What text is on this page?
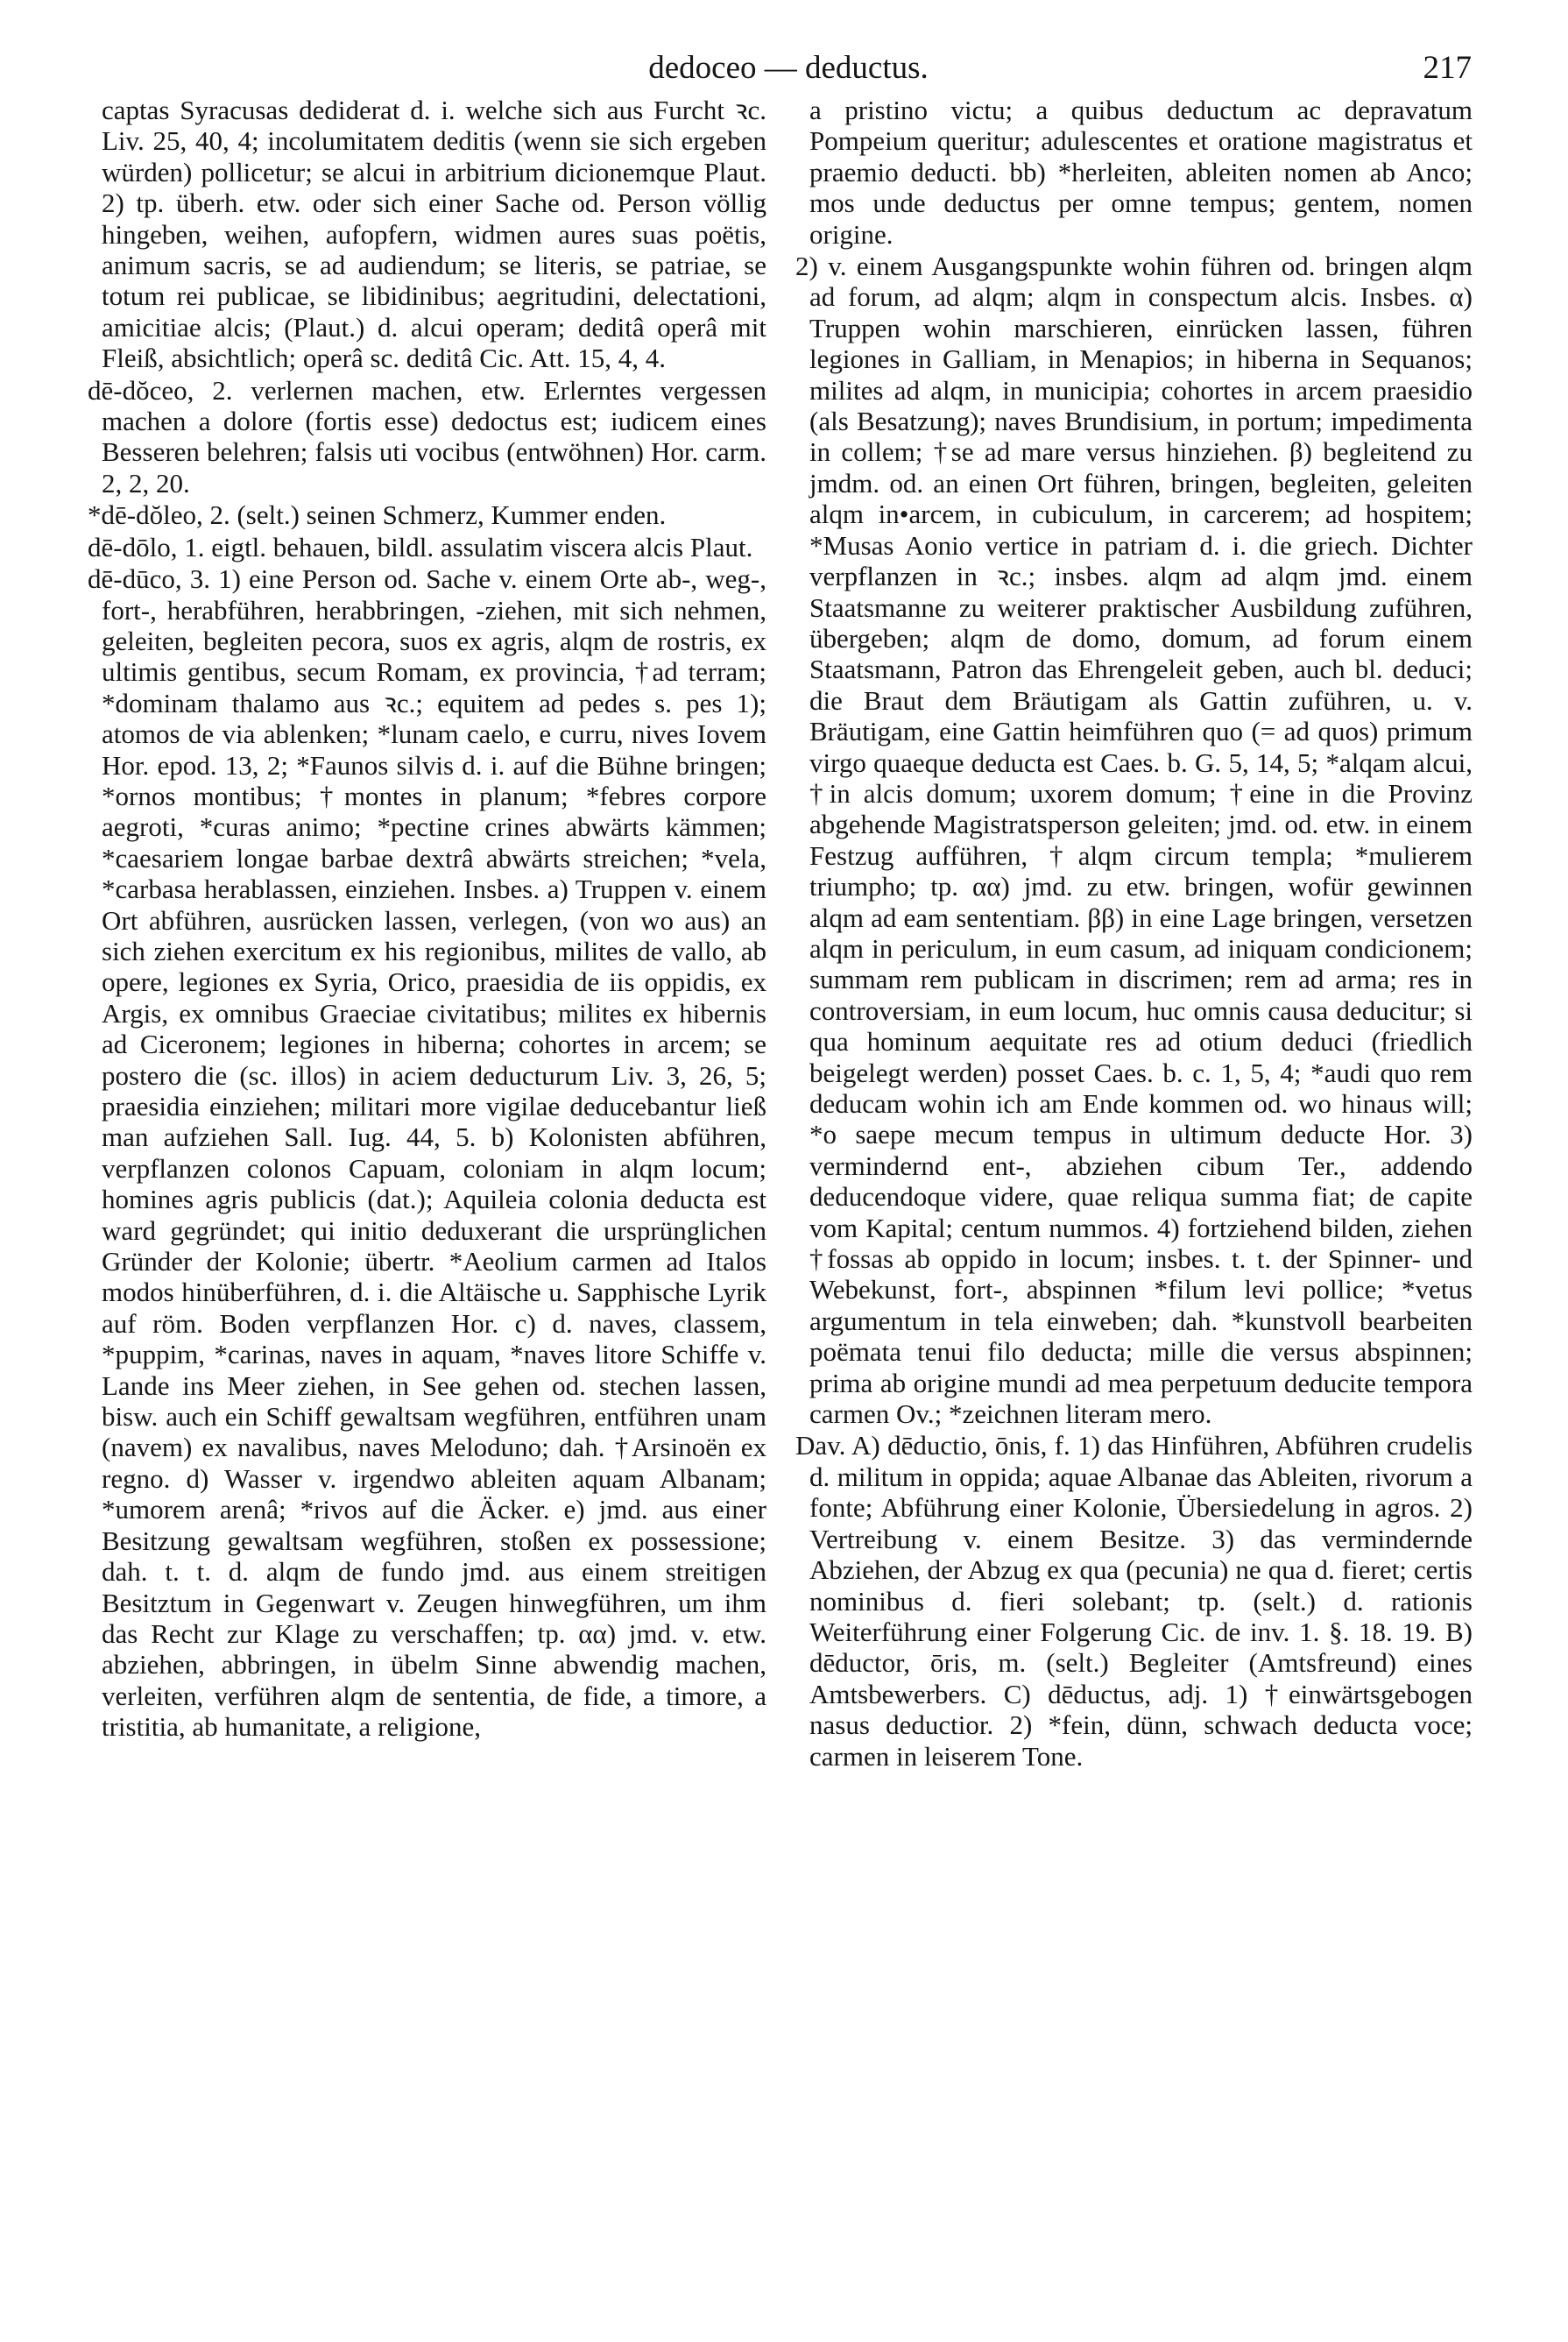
dedoceo — deductus.	217

captas Syracusas dediderat d. i. welche sich aus Furcht ꝛc. Liv. 25, 40, 4; incolumitatem deditis (wenn sie sich ergeben würden) pollicetur; se alcui in arbitrium dicionemque Plaut. 2) tp. überh. etw. oder sich einer Sache od. Person völlig hingeben, weihen, aufopfern, widmen aures suas poëtis, animum sacris, se ad audiendum; se literis, se patriae, se totum rei publicae, se libidinibus; aegritudini, delectationi, amicitiae alcis; (Plaut.) d. alcui operam; deditâ operâ mit Fleiß, absichtlich; operâ sc. deditâ Cic. Att. 15, 4, 4.

dē-dŏceo, 2. verlernen machen, etw. Erlerntes vergessen machen a dolore (fortis esse) dedoctus est; iudicem eines Besseren belehren; falsis uti vocibus (entwöhnen) Hor. carm. 2, 2, 20.

*dē-dŏleo, 2. (selt.) seinen Schmerz, Kummer enden.

dē-dōlo, 1. eigtl. behauen, bildl. assulatim viscera alcis Plaut.

dē-dūco, 3. 1) eine Person od. Sache v. einem Orte ab-, weg-, fort-, herabführen, herabbringen, -ziehen, mit sich nehmen, geleiten, begleiten pecora, suos ex agris, alqm de rostris, ex ultimis gentibus, secum Romam, ex provincia, †ad terram; *dominam thalamo aus ꝛc.; equitem ad pedes s. pes 1); atomos de via ablenken; *lunam caelo, e curru, nives Iovem Hor. epod. 13, 2; *Faunos silvis d. i. auf die Bühne bringen; *ornos montibus; †montes in planum; *febres corpore aegroti, *curas animo; *pectine crines abwärts kämmen; *caesariem longae barbae dextrâ abwärts streichen; *vela, *carbasa herablassen, einziehen. Insbes. a) Truppen v. einem Ort abführen, ausrücken lassen, verlegen, (von wo aus) an sich ziehen exercitum ex his regionibus, milites de vallo, ab opere, legiones ex Syria, Orico, praesidia de iis oppidis, ex Argis, ex omnibus Graeciae civitatibus; milites ex hibernis ad Ciceronem; legiones in hiberna; cohortes in arcem; se postero die (sc. illos) in aciem deducturum Liv. 3, 26, 5; praesidia einziehen; militari more vigilae deducebantur ließ man aufziehen Sall. Iug. 44, 5. b) Kolonisten abführen, verpflanzen colonos Capuam, coloniam in alqm locum; homines agris publicis (dat.); Aquileia colonia deducta est ward gegründet; qui initio deduxerant die ursprünglichen Gründer der Kolonie; übertr. *Aeolium carmen ad Italos modos hinüberführen, d. i. die Altäische u. Sapphische Lyrik auf röm. Boden verpflanzen Hor. c) d. naves, classem, *puppim, *carinas, naves in aquam, *naves litore Schiffe v. Lande ins Meer ziehen, in See gehen od. stechen lassen, bisw. auch ein Schiff gewaltsam wegführen, entführen unam (navem) ex navalibus, naves Meloduno; dah. †Arsinoën ex regno. d) Wasser v. irgendwo ableiten aquam Albanam; *umorem arenâ; *rivos auf die Äcker. e) jmd. aus einer Besitzung gewaltsam wegführen, stoßen ex possessione; dah. t. t. d. alqm de fundo jmd. aus einem streitigen Besitztum in Gegenwart v. Zeugen hinwegführen, um ihm das Recht zur Klage zu verschaffen; tp. αα) jmd. v. etw. abziehen, abbringen, in übelm Sinne abwendig machen, verleiten, verführen alqm de sententia, de fide, a timore, a tristitia, ab humanitate, a religione,

a pristino victu; a quibus deductum ac depravatum Pompeium queritur; adulescentes et oratione magistratus et praemio deducti. bb) *herleiten, ableiten nomen ab Anco; mos unde deductus per omne tempus; gentem, nomen origine.

2) v. einem Ausgangspunkte wohin führen od. bringen alqm ad forum, ad alqm; alqm in conspectum alcis. Insbes. α) Truppen wohin marschieren, einrücken lassen, führen legiones in Galliam, in Menapios; in hiberna in Sequanos; milites ad alqm, in municipia; cohortes in arcem praesidio (als Besatzung); naves Brundisium, in portum; impedimenta in collem; †se ad mare versus hinziehen. β) begleitend zu jmdm. od. an einen Ort führen, bringen, begleiten, geleiten alqm in•arcem, in cubiculum, in carcerem; ad hospitem; *Musas Aonio vertice in patriam d. i. die griech. Dichter verpflanzen in ꝛc.; insbes. alqm ad alqm jmd. einem Staatsmanne zu weiterer praktischer Ausbildung zuführen, übergeben; alqm de domo, domum, ad forum einem Staatsmann, Patron das Ehrengeleit geben, auch bl. deduci; die Braut dem Bräutigam als Gattin zuführen, u. v. Bräutigam, eine Gattin heimführen quo (= ad quos) primum virgo quaeque deducta est Caes. b. G. 5, 14, 5; *alqam alcui, †in alcis domum; uxorem domum; †eine in die Provinz abgehende Magistratsperson geleiten; jmd. od. etw. in einem Festzug aufführen, †alqm circum templa; *mulierem triumpho; tp. αα) jmd. zu etw. bringen, wofür gewinnen alqm ad eam sententiam. ββ) in eine Lage bringen, versetzen alqm in periculum, in eum casum, ad iniquam condicionem; summam rem publicam in discrimen; rem ad arma; res in controversiam, in eum locum, huc omnis causa deducitur; si qua hominum aequitate res ad otium deduci (friedlich beigelegt werden) posset Caes. b. c. 1, 5, 4; *audi quo rem deducam wohin ich am Ende kommen od. wo hinaus will; *o saepe mecum tempus in ultimum deducte Hor. 3) vermindernd ent-, abziehen cibum Ter., addendo deducendoque videre, quae reliqua summa fiat; de capite vom Kapital; centum nummos. 4) fortziehend bilden, ziehen †fossas ab oppido in locum; insbes. t. t. der Spinner- und Webekunst, fort-, abspinnen *filum levi pollice; *vetus argumentum in tela einweben; dah. *kunstvoll bearbeiten poëmata tenui filo deducta; mille die versus abspinnen; prima ab origine mundi ad mea perpetuum deducite tempora carmen Ov.; *zeichnen literam mero.

Dav. A) dēductio, ōnis, f. 1) das Hinführen, Abführen crudelis d. militum in oppida; aquae Albanae das Ableiten, rivorum a fonte; Abführung einer Kolonie, Übersiedelung in agros. 2) Vertreibung v. einem Besitze. 3) das vermindernde Abziehen, der Abzug ex qua (pecunia) ne qua d. fieret; certis nominibus d. fieri solebant; tp. (selt.) d. rationis Weiterführung einer Folgerung Cic. de inv. 1. §. 18. 19. B) dēductor, ōris, m. (selt.) Begleiter (Amtsfreund) eines Amtsbewerbers. C) dēductus, adj. 1) †einwärtsgebogen nasus deductior. 2) *fein, dünn, schwach deducta voce; carmen in leiserem Tone.
